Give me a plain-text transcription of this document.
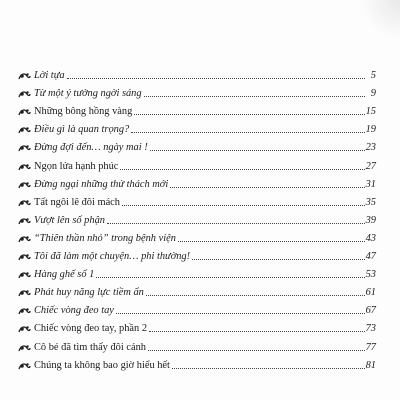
Lời tựa	5
Từ một ý tưởng ngời sáng	9
Những bông hồng vàng	15
Điều gì là quan trọng?	19
Đừng đợi đến… ngày mai !	23
Ngọn lửa hạnh phúc	27
Đừng ngại những thử thách mới	31
Tất ngôi lê đôi mách	35
Vượt lên số phận	39
“Thiên thần nhỏ” trong bệnh viện	43
Tôi đã làm một chuyện… phi thường!	47
Hàng ghế số 1	53
Phát huy năng lực tiềm ẩn	61
Chiếc vòng đeo tay	67
Chiếc vòng đeo tay, phần 2	73
Cô bé đã tìm thấy đôi cánh	77
Chúng ta không bao giờ hiểu hết	81
